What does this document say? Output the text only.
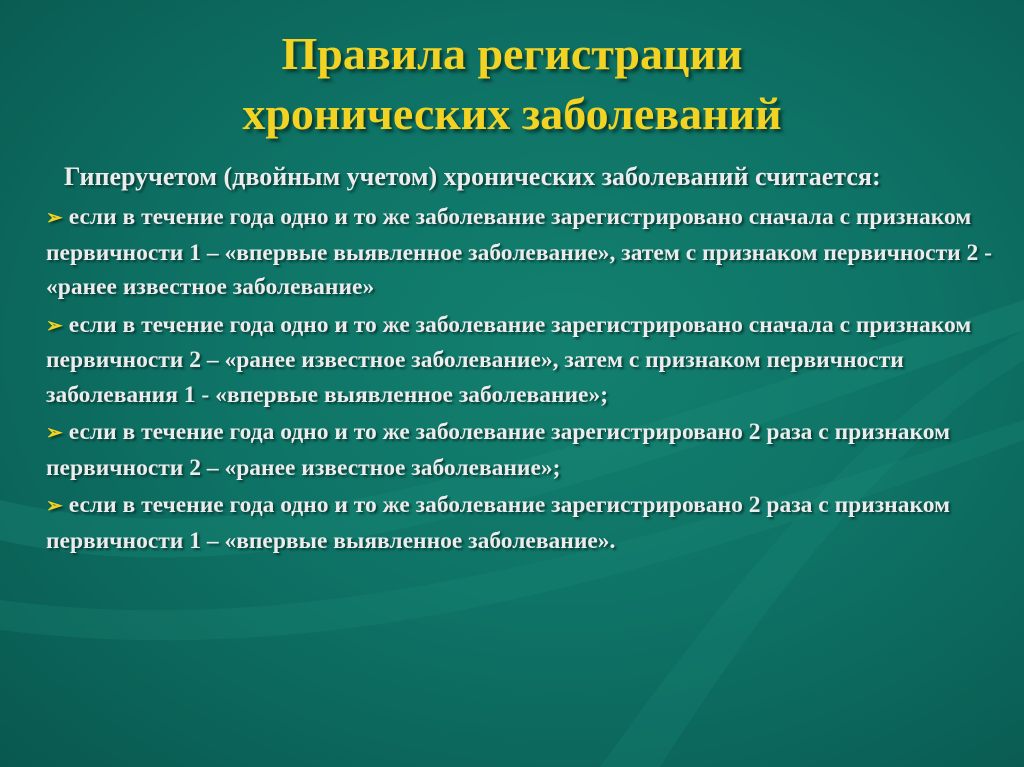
Правила регистрации
хронических заболеваний
Гиперучетом (двойным учетом) хронических заболеваний считается:
➢ если в течение года одно и то же заболевание зарегистрировано сначала с признаком первичности 1 – «впервые выявленное заболевание», затем с признаком первичности 2 - «ранее известное заболевание»
➢ если в течение года одно и то же заболевание зарегистрировано сначала с признаком первичности 2 – «ранее известное заболевание», затем с признаком первичности заболевания 1 - «впервые выявленное заболевание»;
➢ если в течение года одно и то же заболевание зарегистрировано 2 раза с признаком первичности 2 – «ранее известное заболевание»;
➢ если в течение года одно и то же заболевание зарегистрировано 2 раза с признаком первичности 1 – «впервые выявленное заболевание».
